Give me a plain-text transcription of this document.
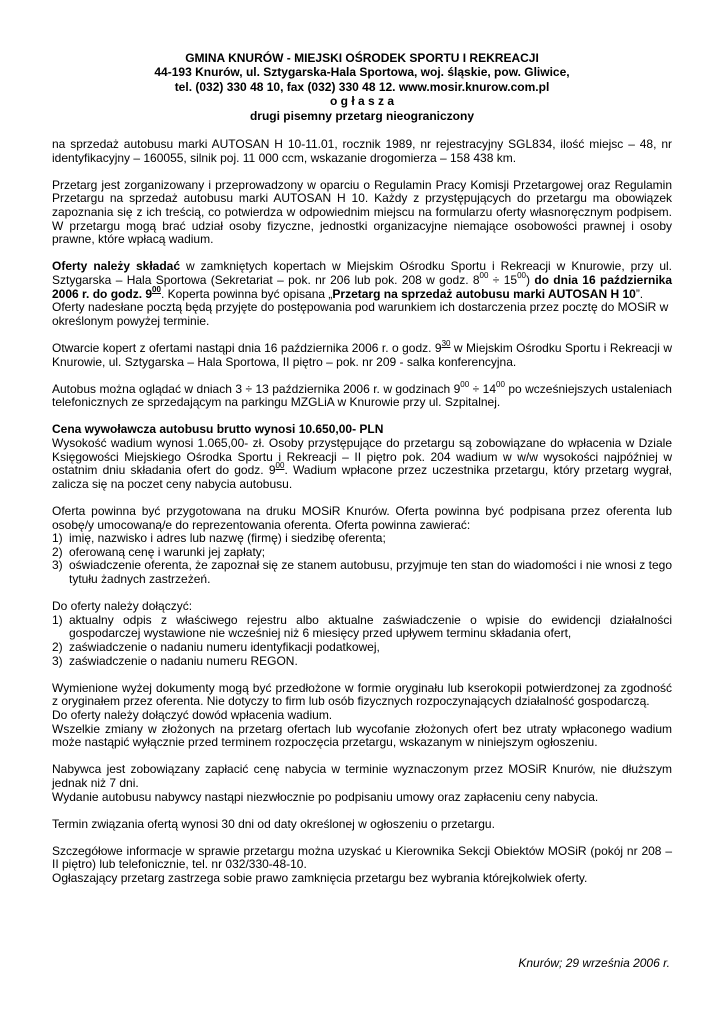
GMINA KNURÓW - MIEJSKI OŚRODEK SPORTU I REKREACJI
44-193 Knurów, ul. Sztygarska-Hala Sportowa, woj. śląskie, pow. Gliwice,
tel. (032) 330 48 10, fax (032) 330 48 12. www.mosir.knurow.com.pl
o g ł a s z a
drugi pisemny przetarg nieograniczony

na sprzedaż autobusu marki AUTOSAN H 10-11.01, rocznik 1989, nr rejestracyjny SGL834, ilość miejsc – 48, nr identyfikacyjny – 160055, silnik poj. 11 000 ccm, wskazanie drogomierza – 158 438 km.

Przetarg jest zorganizowany i przeprowadzony w oparciu o Regulamin Pracy Komisji Przetargowej oraz Regulamin Przetargu na sprzedaż autobusu marki AUTOSAN H 10. Każdy z przystępujących do przetargu ma obowiązek zapoznania się z ich treścią, co potwierdza w odpowiednim miejscu na formularzu oferty własnoręcznym podpisem. W przetargu mogą brać udział osoby fizyczne, jednostki organizacyjne niemające osobowości prawnej i osoby prawne, które wpłacą wadium.

Oferty należy składać w zamkniętych kopertach w Miejskim Ośrodku Sportu i Rekreacji w Knurowie, przy ul. Sztygarska – Hala Sportowa (Sekretariat – pok. nr 206 lub pok. 208 w godz. $8^{00} \div 15^{00}$) do dnia 16 października 2006 r. do godz. $9^{00}$. Koperta powinna być opisana „Przetarg na sprzedaż autobusu marki AUTOSAN H 10”.

Oferty nadesłane pocztą będą przyjęte do postępowania pod warunkiem ich dostarczenia przez pocztę do MOSiR w określonym powyżej terminie.

Otwarcie kopert z ofertami nastąpi dnia 16 października 2006 r. o godz. $9^{30}$ w Miejskim Ośrodku Sportu i Rekreacji w Knurowie, ul. Sztygarska – Hala Sportowa, II piętro – pok. nr 209 - salka konferencyjna.

Autobus można oglądać w dniach 3 ÷ 13 października 2006 r. w godzinach $9^{00} \div 14^{00}$ po wcześniejszych ustaleniach telefonicznych ze sprzedającym na parkingu MZGLiA w Knurowie przy ul. Szpitalnej.

Cena wywoławcza autobusu brutto wynosi 10.650,00- PLN

Wysokość wadium wynosi 1.065,00- zł. Osoby przystępujące do przetargu są zobowiązane do wpłacenia w Dziale Księgowości Miejskiego Ośrodka Sportu i Rekreacji – II piętro pok. 204 wadium w w/w wysokości najpóźniej w ostatnim dniu składania ofert do godz. $9^{00}$. Wadium wpłacone przez uczestnika przetargu, który przetarg wygrał, zalicza się na poczet ceny nabycia autobusu.

Oferta powinna być przygotowana na druku MOSiR Knurów. Oferta powinna być podpisana przez oferenta lub osobę/y umocowaną/e do reprezentowania oferenta. Oferta powinna zawierać:

1) imię, nazwisko i adres lub nazwę (firmę) i siedzibę oferenta;
2) oferowaną cenę i warunki jej zapłaty;
3) oświadczenie oferenta, że zapoznał się ze stanem autobusu, przyjmuje ten stan do wiadomości i nie wnosi z tego tytułu żadnych zastrzeżeń.

Do oferty należy dołączyć:

1) aktualny odpis z właściwego rejestru albo aktualne zaświadczenie o wpisie do ewidencji działalności gospodarczej wystawione nie wcześniej niż 6 miesięcy przed upływem terminu składania ofert,
2) zaświadczenie o nadaniu numeru identyfikacji podatkowej,
3) zaświadczenie o nadaniu numeru REGON.

Wymienione wyżej dokumenty mogą być przedłożone w formie oryginału lub kserokopii potwierdzonej za zgodność z oryginałem przez oferenta. Nie dotyczy to firm lub osób fizycznych rozpoczynających działalność gospodarczą.

Do oferty należy dołączyć dowód wpłacenia wadium.

Wszelkie zmiany w złożonych na przetarg ofertach lub wycofanie złożonych ofert bez utraty wpłaconego wadium może nastąpić wyłącznie przed terminem rozpoczęcia przetargu, wskazanym w niniejszym ogłoszeniu.

Nabywca jest zobowiązany zapłacić cenę nabycia w terminie wyznaczonym przez MOSiR Knurów, nie dłuższym jednak niż 7 dni.

Wydanie autobusu nabywcy nastąpi niezwłocznie po podpisaniu umowy oraz zapłaceniu ceny nabycia.

Termin związania ofertą wynosi 30 dni od daty określonej w ogłoszeniu o przetargu.

Szczegółowe informacje w sprawie przetargu można uzyskać u Kierownika Sekcji Obiektów MOSiR (pokój nr 208 – II piętro) lub telefonicznie, tel. nr 032/330-48-10.

Ogłaszający przetarg zastrzega sobie prawo zamknięcia przetargu bez wybrania którejkolwiek oferty.

Knurów; 29 września 2006 r.
